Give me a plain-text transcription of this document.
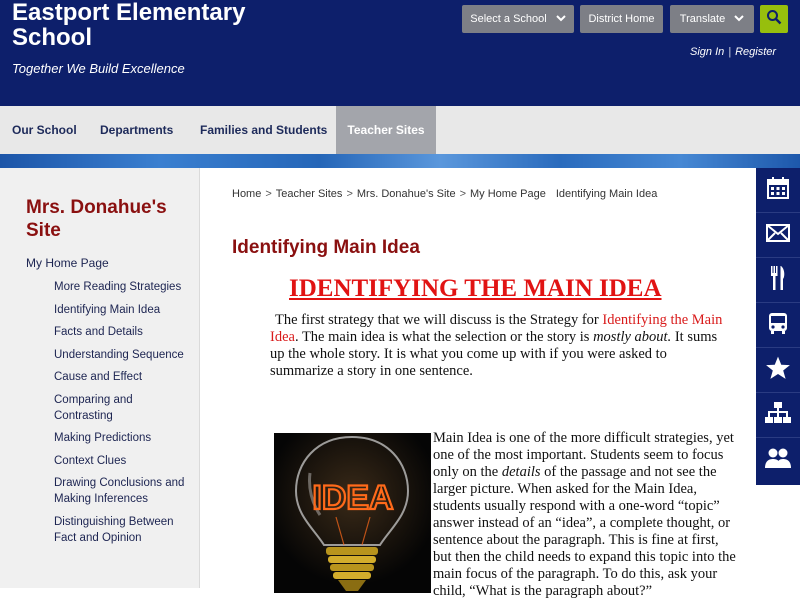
Eastport Elementary School
Together We Build Excellence
Select a School	District Home	Translate
Sign In | Register
Our School Departments Families and Students	Teacher Sites
Mrs. Donahue's Site
My Home Page
More Reading Strategies
Identifying Main Idea
Facts and Details
Understanding Sequence
Cause and Effect
Comparing and Contrasting
Making Predictions
Context Clues
Drawing Conclusions and Making Inferences
Distinguishing Between Fact and Opinion
Home > Teacher Sites > Mrs. Donahue's Site > My Home Page Identifying Main Idea
Identifying Main Idea
IDENTIFYING THE MAIN IDEA
The first strategy that we will discuss is the Strategy for Identifying the Main Idea. The main idea is what the selection or the story is mostly about. It sums up the whole story. It is what you come up with if you were asked to summarize a story in one sentence.
IDEA
Main Idea is one of the more difficult strategies, yet one of the most important. Students seem to focus only on the details of the passage and not see the larger picture. When asked for the Main Idea, students usually respond with a one-word “topic” answer instead of an “idea”, a complete thought, or sentence about the paragraph. This is fine at first, but then the child needs to expand this topic into the main focus of the paragraph. To do this, ask your child, “What is the paragraph about?”
